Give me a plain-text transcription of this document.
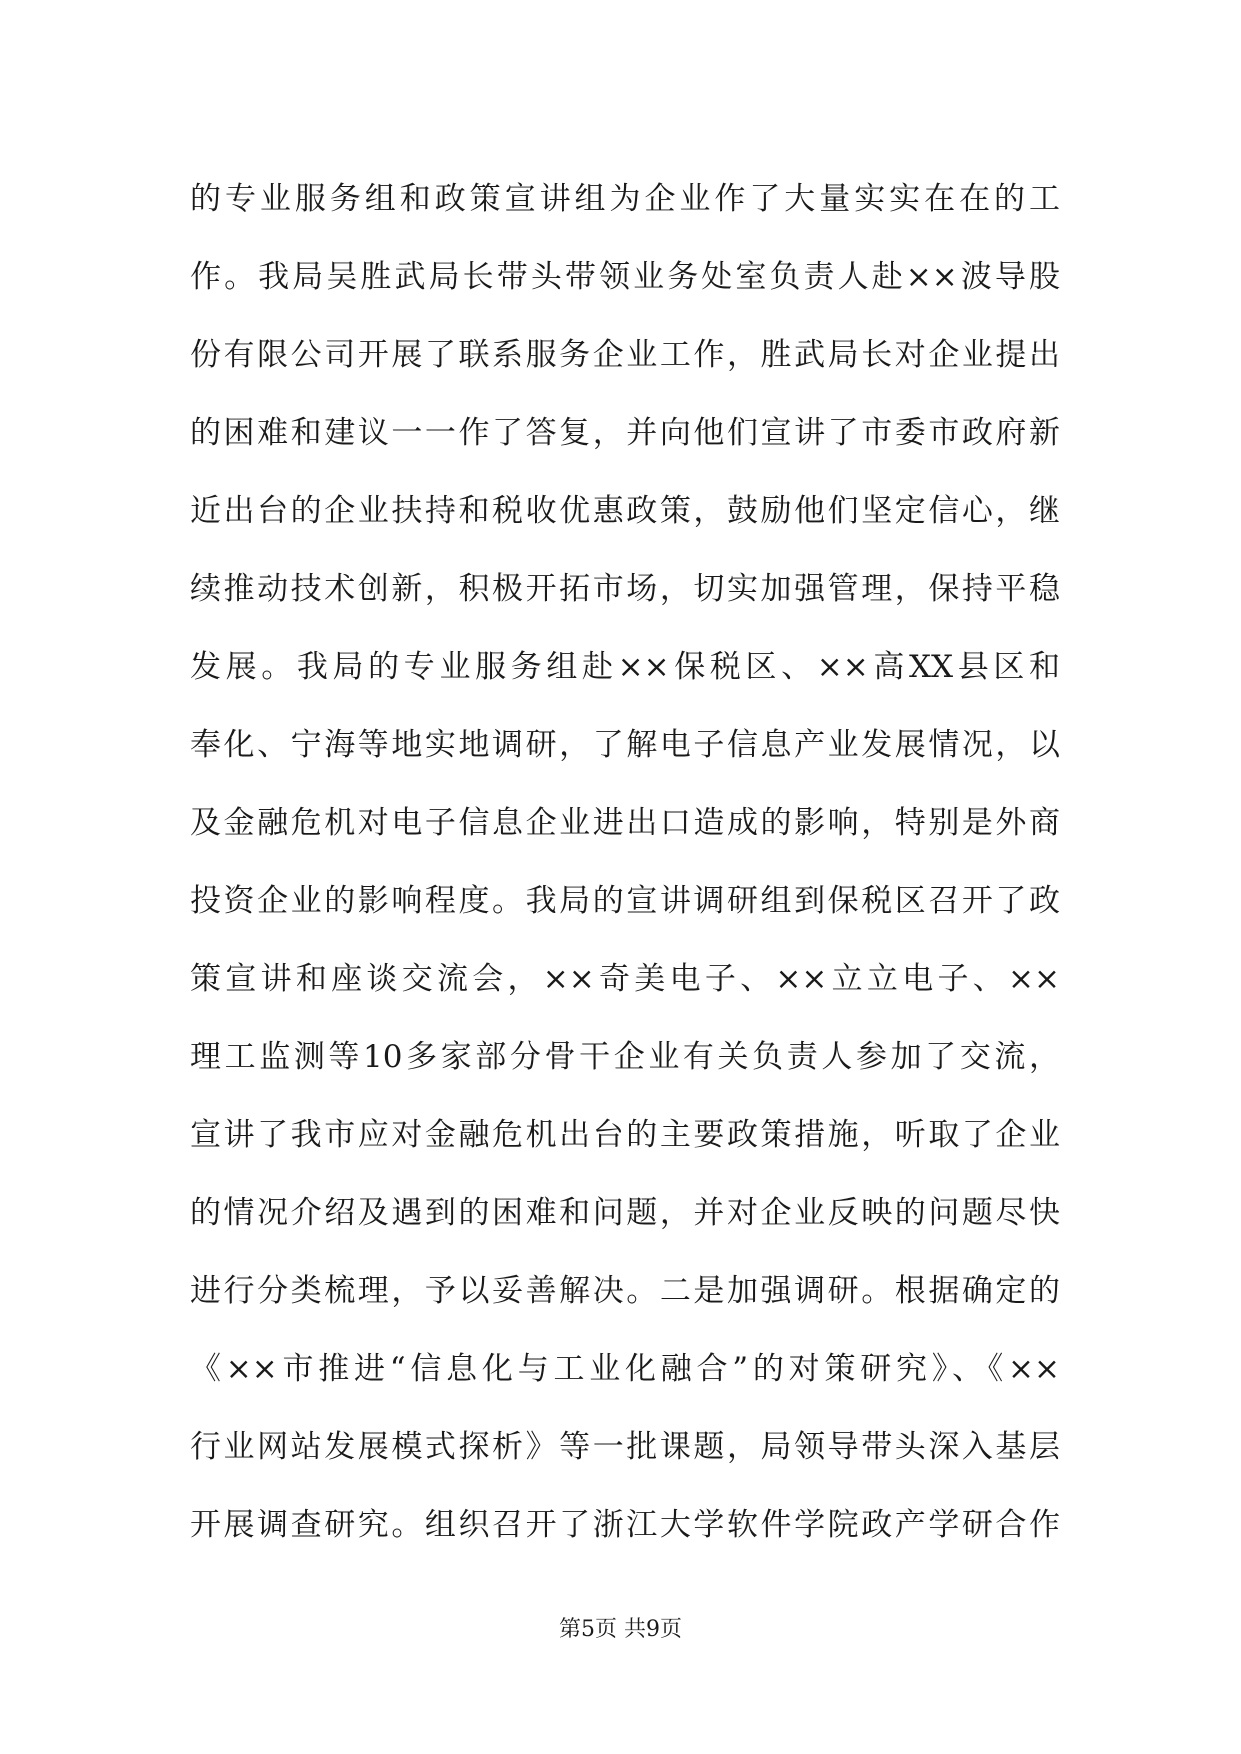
的专业服务组和政策宣讲组为企业作了大量实实在在的工
作。我局吴胜武局长带头带领业务处室负责人赴××波导股
份有限公司开展了联系服务企业工作，胜武局长对企业提出
的困难和建议一一作了答复，并向他们宣讲了市委市政府新
近出台的企业扶持和税收优惠政策，鼓励他们坚定信心，继
续推动技术创新，积极开拓市场，切实加强管理，保持平稳
发展。我局的专业服务组赴××保税区、××高XX县区和
奉化、宁海等地实地调研，了解电子信息产业发展情况，以
及金融危机对电子信息企业进出口造成的影响，特别是外商
投资企业的影响程度。我局的宣讲调研组到保税区召开了政
策宣讲和座谈交流会，××奇美电子、××立立电子、××
理工监测等10多家部分骨干企业有关负责人参加了交流，
宣讲了我市应对金融危机出台的主要政策措施，听取了企业
的情况介绍及遇到的困难和问题，并对企业反映的问题尽快
进行分类梳理，予以妥善解决。二是加强调研。根据确定的
《××市推进“信息化与工业化融合”的对策研究》、《××
行业网站发展模式探析》等一批课题，局领导带头深入基层
开展调查研究。组织召开了浙江大学软件学院政产学研合作
第5页 共9页
